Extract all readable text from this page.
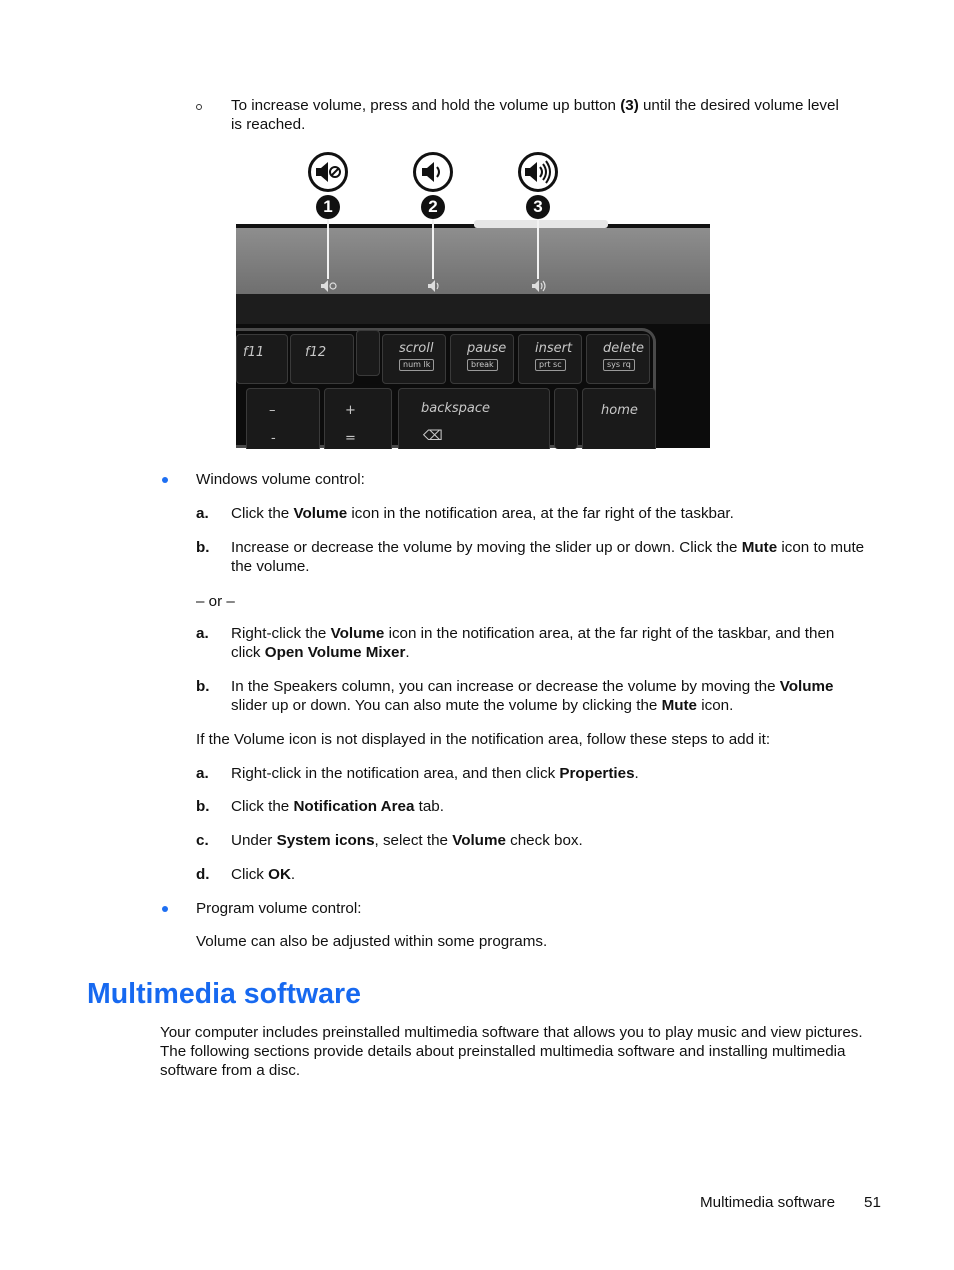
To increase volume, press and hold the volume up button (3) until the desired volume level
is reached.
1	2	3
f11	f12	scroll
num lk
pause
break
insert
prt sc
delete
sys rq
–
-
+
=
backspace
⌫
home
Windows volume control:
a. Click the Volume icon in the notification area, at the far right of the taskbar.
b. Increase or decrease the volume by moving the slider up or down. Click the Mute icon to mute
the volume.
– or –
a. Right-click the Volume icon in the notification area, at the far right of the taskbar, and then
click Open Volume Mixer.
b. In the Speakers column, you can increase or decrease the volume by moving the Volume
slider up or down. You can also mute the volume by clicking the Mute icon.
If the Volume icon is not displayed in the notification area, follow these steps to add it:
a. Right-click in the notification area, and then click Properties.
b. Click the Notification Area tab.
c. Under System icons, select the Volume check box.
d. Click OK.
Program volume control:
Volume can also be adjusted within some programs.
Multimedia software
Your computer includes preinstalled multimedia software that allows you to play music and view pictures.
The following sections provide details about preinstalled multimedia software and installing multimedia
software from a disc.
Multimedia software 51
